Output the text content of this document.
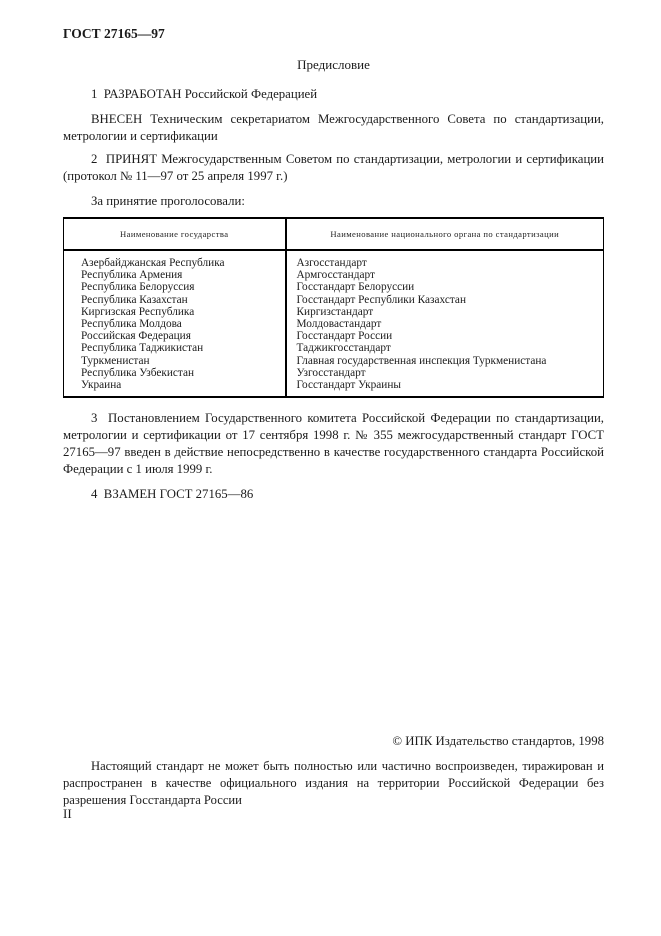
ГОСТ 27165—97
Предисловие

1  РАЗРАБОТАН Российской Федерацией

ВНЕСЕН Техническим секретариатом Межгосударственного Совета по стандартизации, метрологии и сертификации

2  ПРИНЯТ Межгосударственным Советом по стандартизации, метрологии и сертификации (протокол № 11—97 от 25 апреля 1997 г.)

За принятие проголосовали:

Наименование государства	Наименование национального органа по стандартизации
Азербайджанская Республика	Азгосстандарт
Республика Армения	Армгосстандарт
Республика Белоруссия	Госстандарт Белоруссии
Республика Казахстан	Госстандарт Республики Казахстан
Киргизская Республика	Киргизстандарт
Республика Молдова	Молдовастандарт
Российская Федерация	Госстандарт России
Республика Таджикистан	Таджикгосстандарт
Туркменистан	Главная государственная инспекция Туркменистана
Республика Узбекистан	Узгосстандарт
Украина	Госстандарт Украины

3  Постановлением Государственного комитета Российской Федерации по стандартизации, метрологии и сертификации от 17 сентября 1998 г. № 355 межгосударственный стандарт ГОСТ 27165—97 введен в действие непосредственно в качестве государственного стандарта Российской Федерации с 1 июля 1999 г.

4  ВЗАМЕН ГОСТ 27165—86

© ИПК Издательство стандартов, 1998
Настоящий стандарт не может быть полностью или частично воспроизведен, тиражирован и распространен в качестве официального издания на территории Российской Федерации без разрешения Госстандарта России
II
